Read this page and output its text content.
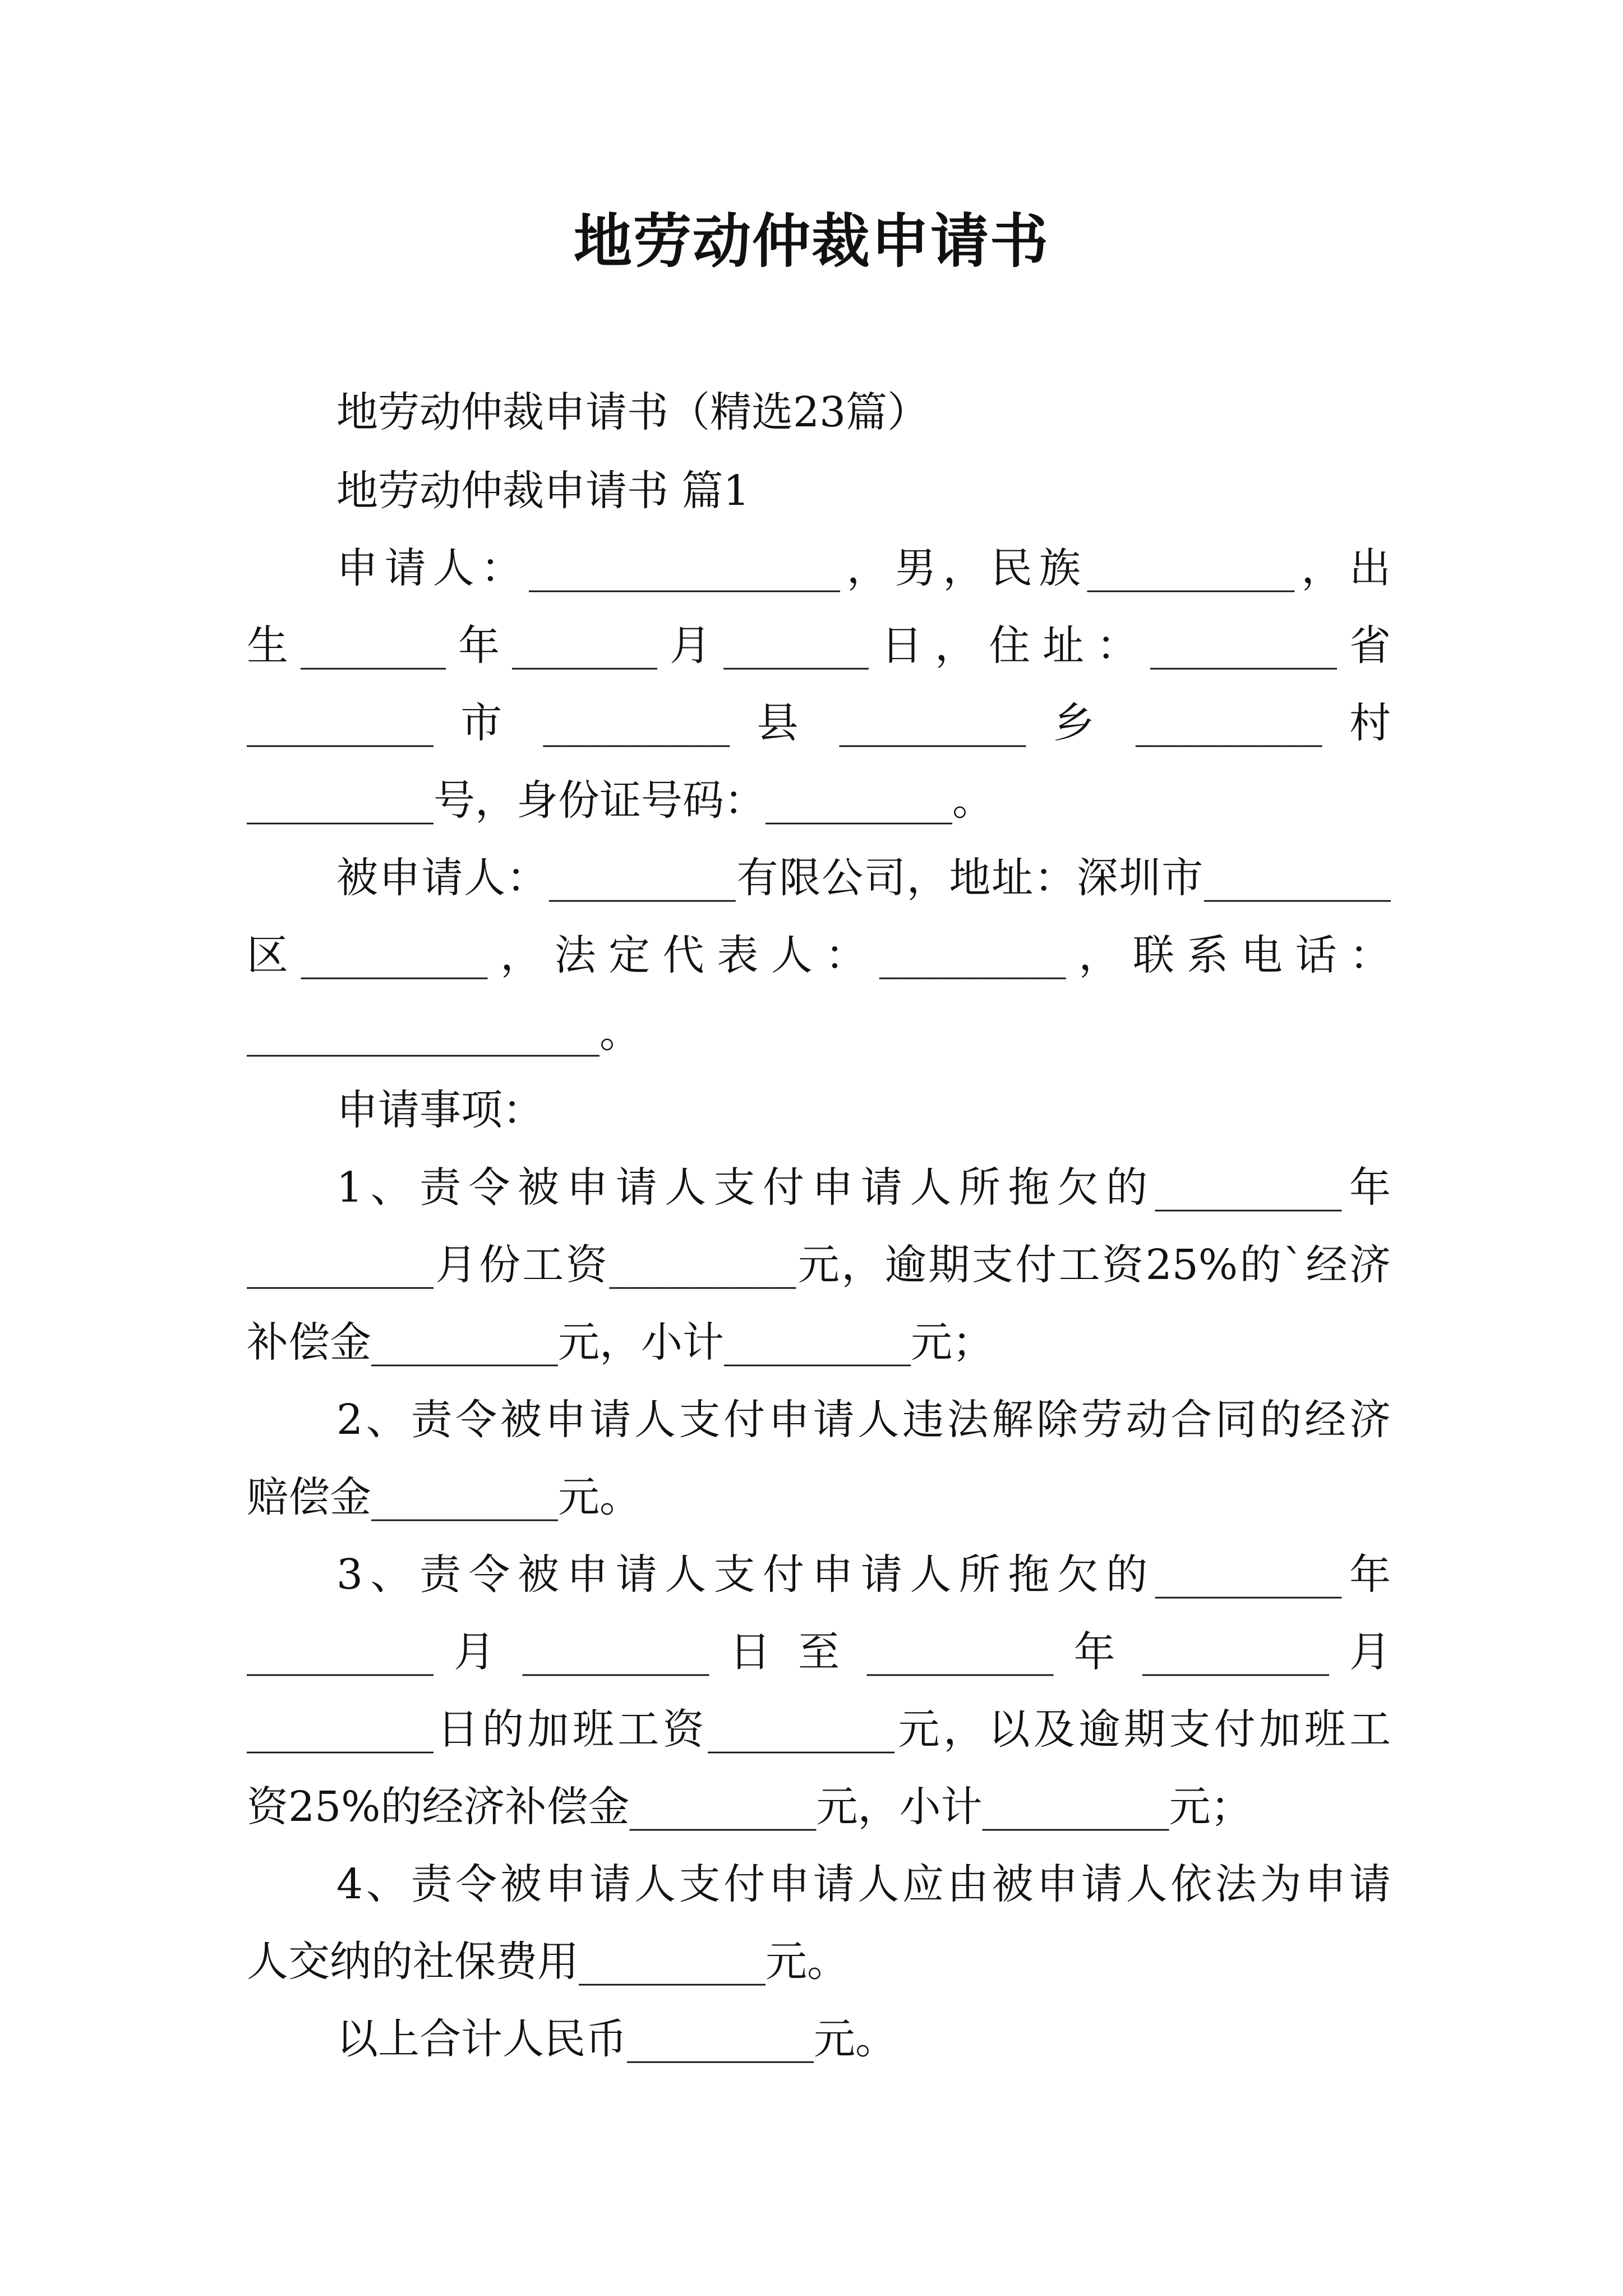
地劳动仲裁申请书
地劳动仲裁申请书（精选23篇）
地劳动仲裁申请书 篇1
申请人：_______________，男，民族__________，出
生_______年_______月_______日，住址：_________省
_________ 市 _________ 县 _________ 乡 _________ 村
_________号，身份证号码：_________。
被申请人：_________有限公司，地址：深圳市_________
区_________，法定代表人：_________，联系电话：
_________________。
申请事项：
1、责令被申请人支付申请人所拖欠的_________年
_________月份工资_________元，逾期支付工资25%的`经济
补偿金_________元，小计_________元；
2、责令被申请人支付申请人违法解除劳动合同的经济
赔偿金_________元。
3、责令被申请人支付申请人所拖欠的_________年
_________ 月 _________ 日 至 _________ 年 _________ 月
_________日的加班工资_________元，以及逾期支付加班工
资25%的经济补偿金_________元，小计_________元；
4、责令被申请人支付申请人应由被申请人依法为申请
人交纳的社保费用_________元。
以上合计人民币_________元。
